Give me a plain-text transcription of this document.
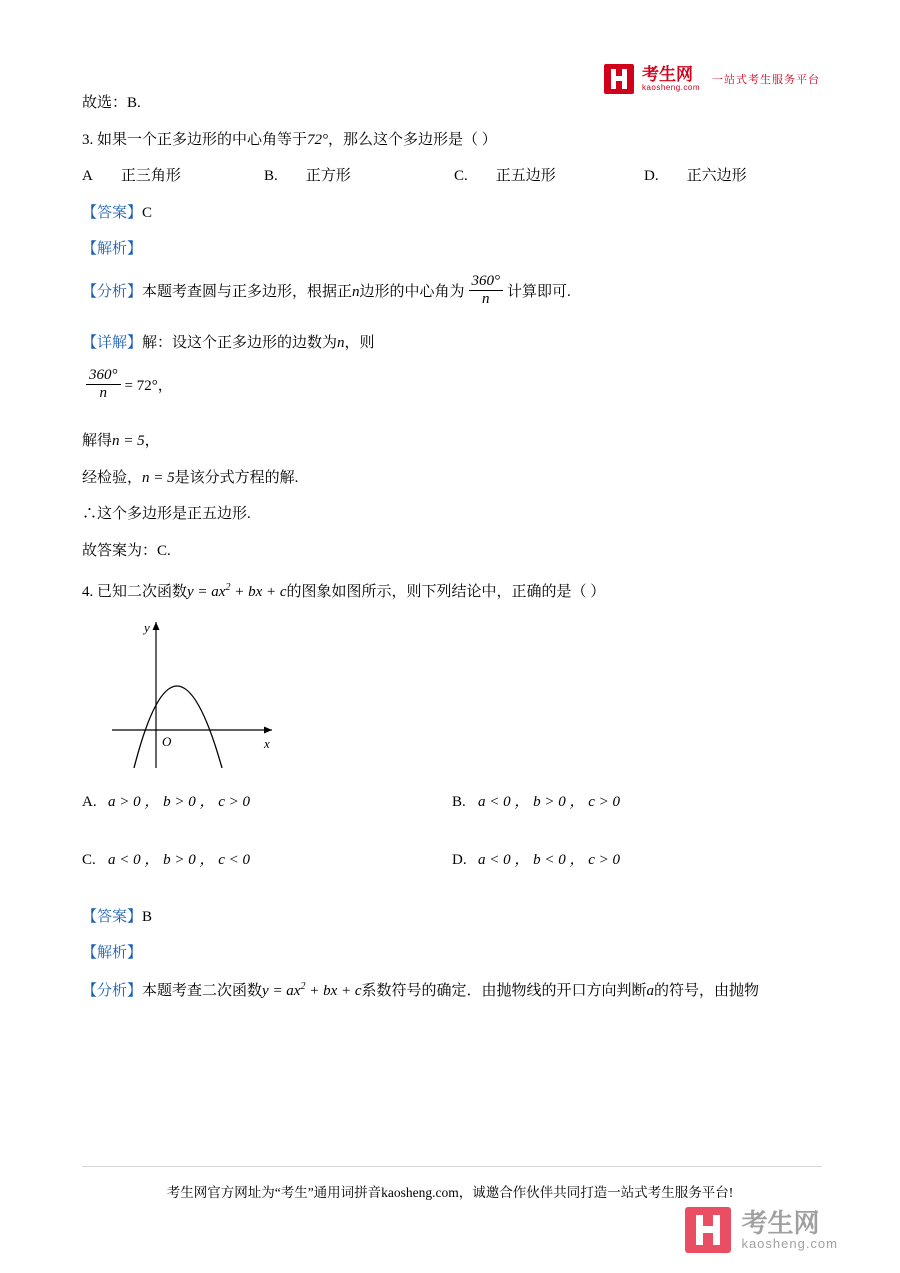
考生网
kaosheng.com
一站式考生服务平台

故选：B.

3. 如果一个正多边形的中心角等于72°，那么这个多边形是（ ）

A 正三角形	B. 正方形	C. 正五边形	D. 正六边形

【答案】C

【解析】

【分析】本题考查圆与正多边形，根据正n边形的中心角为 $\frac{360^\circ}{n}$ 计算即可.

【详解】解：设这个正多边形的边数为n，则

$\frac{360^\circ}{n} = 72^\circ$，

解得n = 5，

经检验，n = 5是该分式方程的解.

∴这个多边形是正五边形.

故答案为：C.

4. 已知二次函数$y = ax^2$ + bx + c的图象如图所示，则下列结论中，正确的是（ ）

y
x
O
A. a > 0 ， b > 0 ， c > 0	B. a < 0 ， b > 0 ， c > 0
C. a < 0 ， b > 0 ， c < 0	D. a < 0 ， b < 0 ， c > 0

【答案】B

【解析】

【分析】本题考查二次函数$y = ax^2$ + bx + c系数符号的确定．由抛物线的开口方向判断a的符号，由抛物

考生网官方网址为“考生”通用词拼音kaosheng.com，诚邀合作伙伴共同打造一站式考生服务平台!
考生网
kaosheng.com
